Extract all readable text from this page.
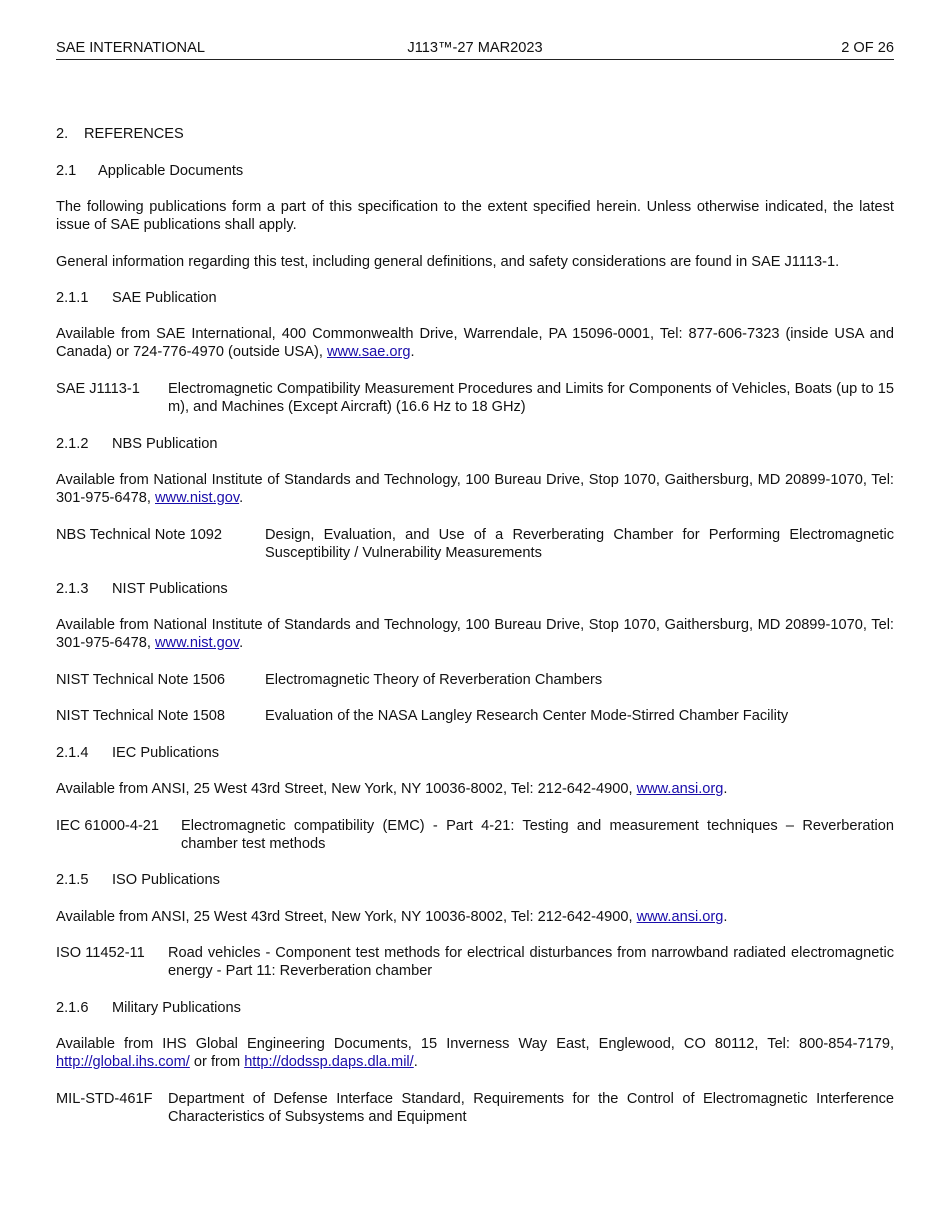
SAE INTERNATIONAL	J113™-27 MAR2023	2 OF 26
2. REFERENCES
2.1 Applicable Documents
The following publications form a part of this specification to the extent specified herein. Unless otherwise indicated, the latest issue of SAE publications shall apply.
General information regarding this test, including general definitions, and safety considerations are found in SAE J1113-1.
2.1.1 SAE Publication
Available from SAE International, 400 Commonwealth Drive, Warrendale, PA 15096-0001, Tel: 877-606-7323 (inside USA and Canada) or 724-776-4970 (outside USA), www.sae.org.
SAE J1113-1 Electromagnetic Compatibility Measurement Procedures and Limits for Components of Vehicles, Boats (up to 15 m), and Machines (Except Aircraft) (16.6 Hz to 18 GHz)
2.1.2 NBS Publication
Available from National Institute of Standards and Technology, 100 Bureau Drive, Stop 1070, Gaithersburg, MD 20899-1070, Tel: 301-975-6478, www.nist.gov.
NBS Technical Note 1092	Design, Evaluation, and Use of a Reverberating Chamber for Performing Electromagnetic Susceptibility / Vulnerability Measurements
2.1.3 NIST Publications
Available from National Institute of Standards and Technology, 100 Bureau Drive, Stop 1070, Gaithersburg, MD 20899-1070, Tel: 301-975-6478, www.nist.gov.
NIST Technical Note 1506	Electromagnetic Theory of Reverberation Chambers
NIST Technical Note 1508	Evaluation of the NASA Langley Research Center Mode-Stirred Chamber Facility
2.1.4 IEC Publications
Available from ANSI, 25 West 43rd Street, New York, NY 10036-8002, Tel: 212-642-4900, www.ansi.org.
IEC 61000-4-21 Electromagnetic compatibility (EMC) - Part 4-21: Testing and measurement techniques – Reverberation chamber test methods
2.1.5 ISO Publications
Available from ANSI, 25 West 43rd Street, New York, NY 10036-8002, Tel: 212-642-4900, www.ansi.org.
ISO 11452-11 Road vehicles - Component test methods for electrical disturbances from narrowband radiated electromagnetic energy - Part 11: Reverberation chamber
2.1.6 Military Publications
Available from IHS Global Engineering Documents, 15 Inverness Way East, Englewood, CO 80112, Tel: 800-854-7179, http://global.ihs.com/ or from http://dodssp.daps.dla.mil/.
MIL-STD-461F Department of Defense Interface Standard, Requirements for the Control of Electromagnetic Interference Characteristics of Subsystems and Equipment
